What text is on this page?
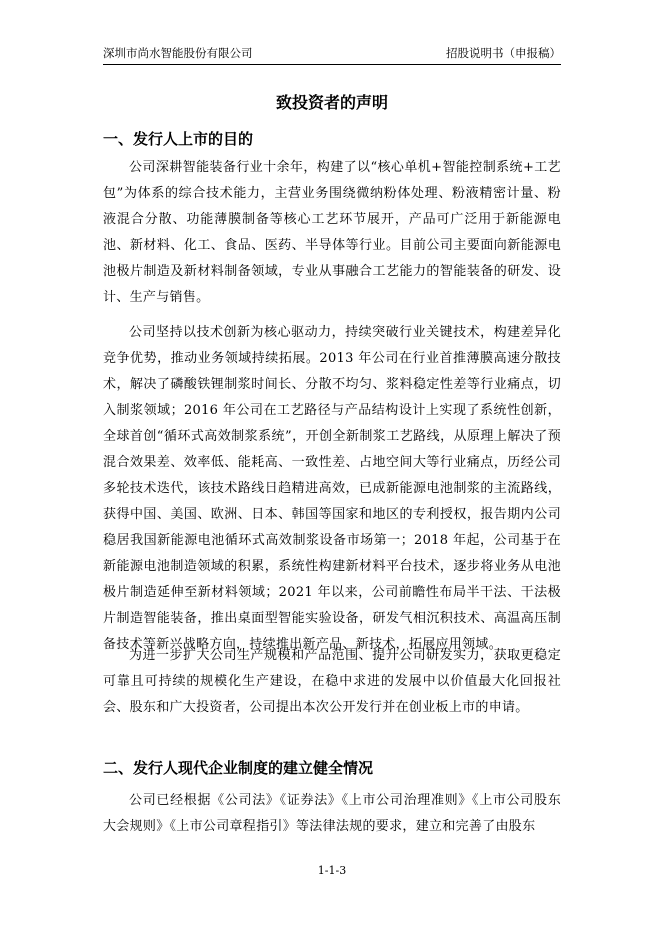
深圳市尚水智能股份有限公司	招股说明书（申报稿）
致投资者的声明
一、发行人上市的目的

公司深耕智能装备行业十余年，构建了以“核心单机+智能控制系统+工艺包”为体系的综合技术能力，主营业务围绕微纳粉体处理、粉液精密计量、粉液混合分散、功能薄膜制备等核心工艺环节展开，产品可广泛用于新能源电池、新材料、化工、食品、医药、半导体等行业。目前公司主要面向新能源电池极片制造及新材料制备领域，专业从事融合工艺能力的智能装备的研发、设计、生产与销售。

公司坚持以技术创新为核心驱动力，持续突破行业关键技术，构建差异化竞争优势，推动业务领域持续拓展。2013 年公司在行业首推薄膜高速分散技术，解决了磷酸铁锂制浆时间长、分散不均匀、浆料稳定性差等行业痛点，切入制浆领域；2016 年公司在工艺路径与产品结构设计上实现了系统性创新，全球首创“循环式高效制浆系统”，开创全新制浆工艺路线，从原理上解决了预混合效果差、效率低、能耗高、一致性差、占地空间大等行业痛点，历经公司多轮技术迭代，该技术路线日趋精进高效，已成新能源电池制浆的主流路线，获得中国、美国、欧洲、日本、韩国等国家和地区的专利授权，报告期内公司稳居我国新能源电池循环式高效制浆设备市场第一；2018 年起，公司基于在新能源电池制造领域的积累，系统性构建新材料平台技术，逐步将业务从电池极片制造延伸至新材料领域；2021 年以来，公司前瞻性布局半干法、干法极片制造智能装备，推出桌面型智能实验设备，研发气相沉积技术、高温高压制备技术等新兴战略方向，持续推出新产品、新技术，拓展应用领域。

为进一步扩大公司生产规模和产品范围、提升公司研发实力，获取更稳定可靠且可持续的规模化生产建设，在稳中求进的发展中以价值最大化回报社会、股东和广大投资者，公司提出本次公开发行并在创业板上市的申请。

二、发行人现代企业制度的建立健全情况

公司已经根据《公司法》《证券法》《上市公司治理准则》《上市公司股东大会规则》《上市公司章程指引》等法律法规的要求，建立和完善了由股东

1-1-3
